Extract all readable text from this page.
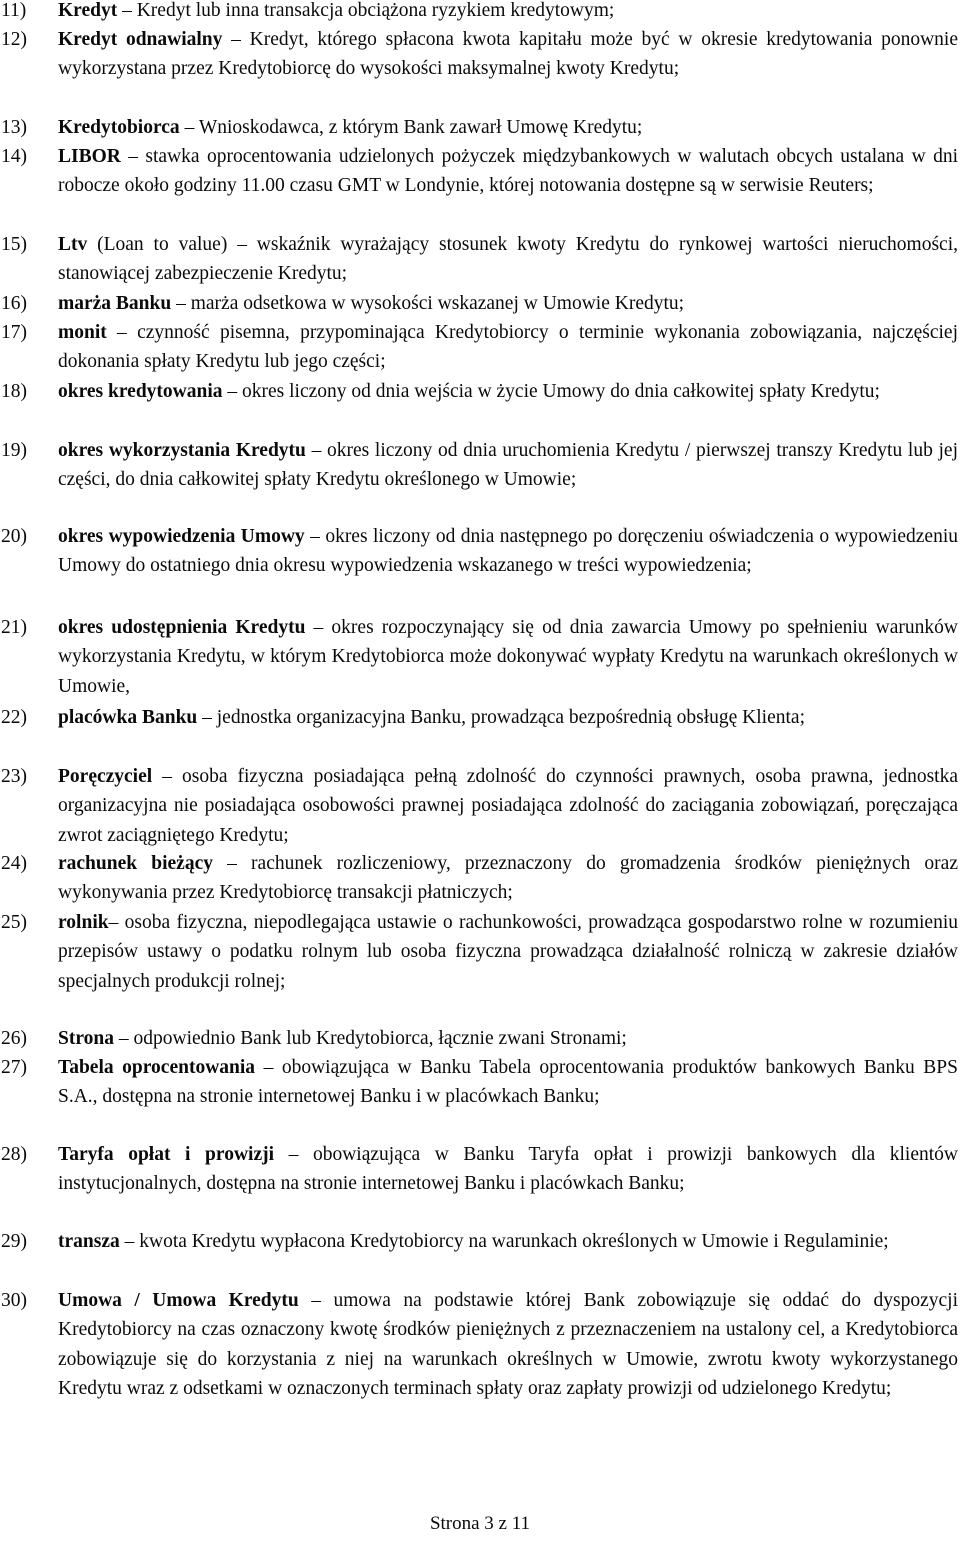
11) Kredyt – Kredyt lub inna transakcja obciążona ryzykiem kredytowym;
12) Kredyt odnawialny – Kredyt, którego spłacona kwota kapitału może być w okresie kredytowania ponownie wykorzystana przez Kredytobiorcę do wysokości maksymalnej kwoty Kredytu;
13) Kredytobiorca – Wnioskodawca, z którym Bank zawarł Umowę Kredytu;
14) LIBOR – stawka oprocentowania udzielonych pożyczek międzybankowych w walutach obcych ustalana w dni robocze około godziny 11.00 czasu GMT w Londynie, której notowania dostępne są w serwisie Reuters;
15) Ltv (Loan to value) – wskaźnik wyrażający stosunek kwoty Kredytu do rynkowej wartości nieruchomości, stanowiącej zabezpieczenie Kredytu;
16) marża Banku – marża odsetkowa w wysokości wskazanej w Umowie Kredytu;
17) monit – czynność pisemna, przypominająca Kredytobiorcy o terminie wykonania zobowiązania, najczęściej dokonania spłaty Kredytu lub jego części;
18) okres kredytowania – okres liczony od dnia wejścia w życie Umowy do dnia całkowitej spłaty Kredytu;
19) okres wykorzystania Kredytu – okres liczony od dnia uruchomienia Kredytu / pierwszej transzy Kredytu lub jej części, do dnia całkowitej spłaty Kredytu określonego w Umowie;
20) okres wypowiedzenia Umowy – okres liczony od dnia następnego po doręczeniu oświadczenia o wypowiedzeniu Umowy do ostatniego dnia okresu wypowiedzenia wskazanego w treści wypowiedzenia;
21) okres udostępnienia Kredytu – okres rozpoczynający się od dnia zawarcia Umowy po spełnieniu warunków wykorzystania Kredytu, w którym Kredytobiorca może dokonywać wypłaty Kredytu na warunkach określonych w Umowie,
22) placówka Banku – jednostka organizacyjna Banku, prowadząca bezpośrednią obsługę Klienta;
23) Poręczyciel – osoba fizyczna posiadająca pełną zdolność do czynności prawnych, osoba prawna, jednostka organizacyjna nie posiadająca osobowości prawnej posiadająca zdolność do zaciągania zobowiązań, poręczająca zwrot zaciągniętego Kredytu;
24) rachunek bieżący – rachunek rozliczeniowy, przeznaczony do gromadzenia środków pieniężnych oraz wykonywania przez Kredytobiorcę transakcji płatniczych;
25) rolnik– osoba fizyczna, niepodlegająca ustawie o rachunkowości, prowadząca gospodarstwo rolne w rozumieniu przepisów ustawy o podatku rolnym lub osoba fizyczna prowadząca działalność rolniczą w zakresie działów specjalnych produkcji rolnej;
26) Strona – odpowiednio Bank lub Kredytobiorca, łącznie zwani Stronami;
27) Tabela oprocentowania – obowiązująca w Banku Tabela oprocentowania produktów bankowych Banku BPS S.A., dostępna na stronie internetowej Banku i w placówkach Banku;
28) Taryfa opłat i prowizji – obowiązująca w Banku Taryfa opłat i prowizji bankowych dla klientów instytucjonalnych, dostępna na stronie internetowej Banku i placówkach Banku;
29) transza – kwota Kredytu wypłacona Kredytobiorcy na warunkach określonych w Umowie i Regulaminie;
30) Umowa / Umowa Kredytu – umowa na podstawie której Bank zobowiązuje się oddać do dyspozycji Kredytobiorcy na czas oznaczony kwotę środków pieniężnych z przeznaczeniem na ustalony cel, a Kredytobiorca zobowiązuje się do korzystania z niej na warunkach określnych w Umowie, zwrotu kwoty wykorzystanego Kredytu wraz z odsetkami w oznaczonych terminach spłaty oraz zapłaty prowizji od udzielonego Kredytu;
Strona 3 z 11
